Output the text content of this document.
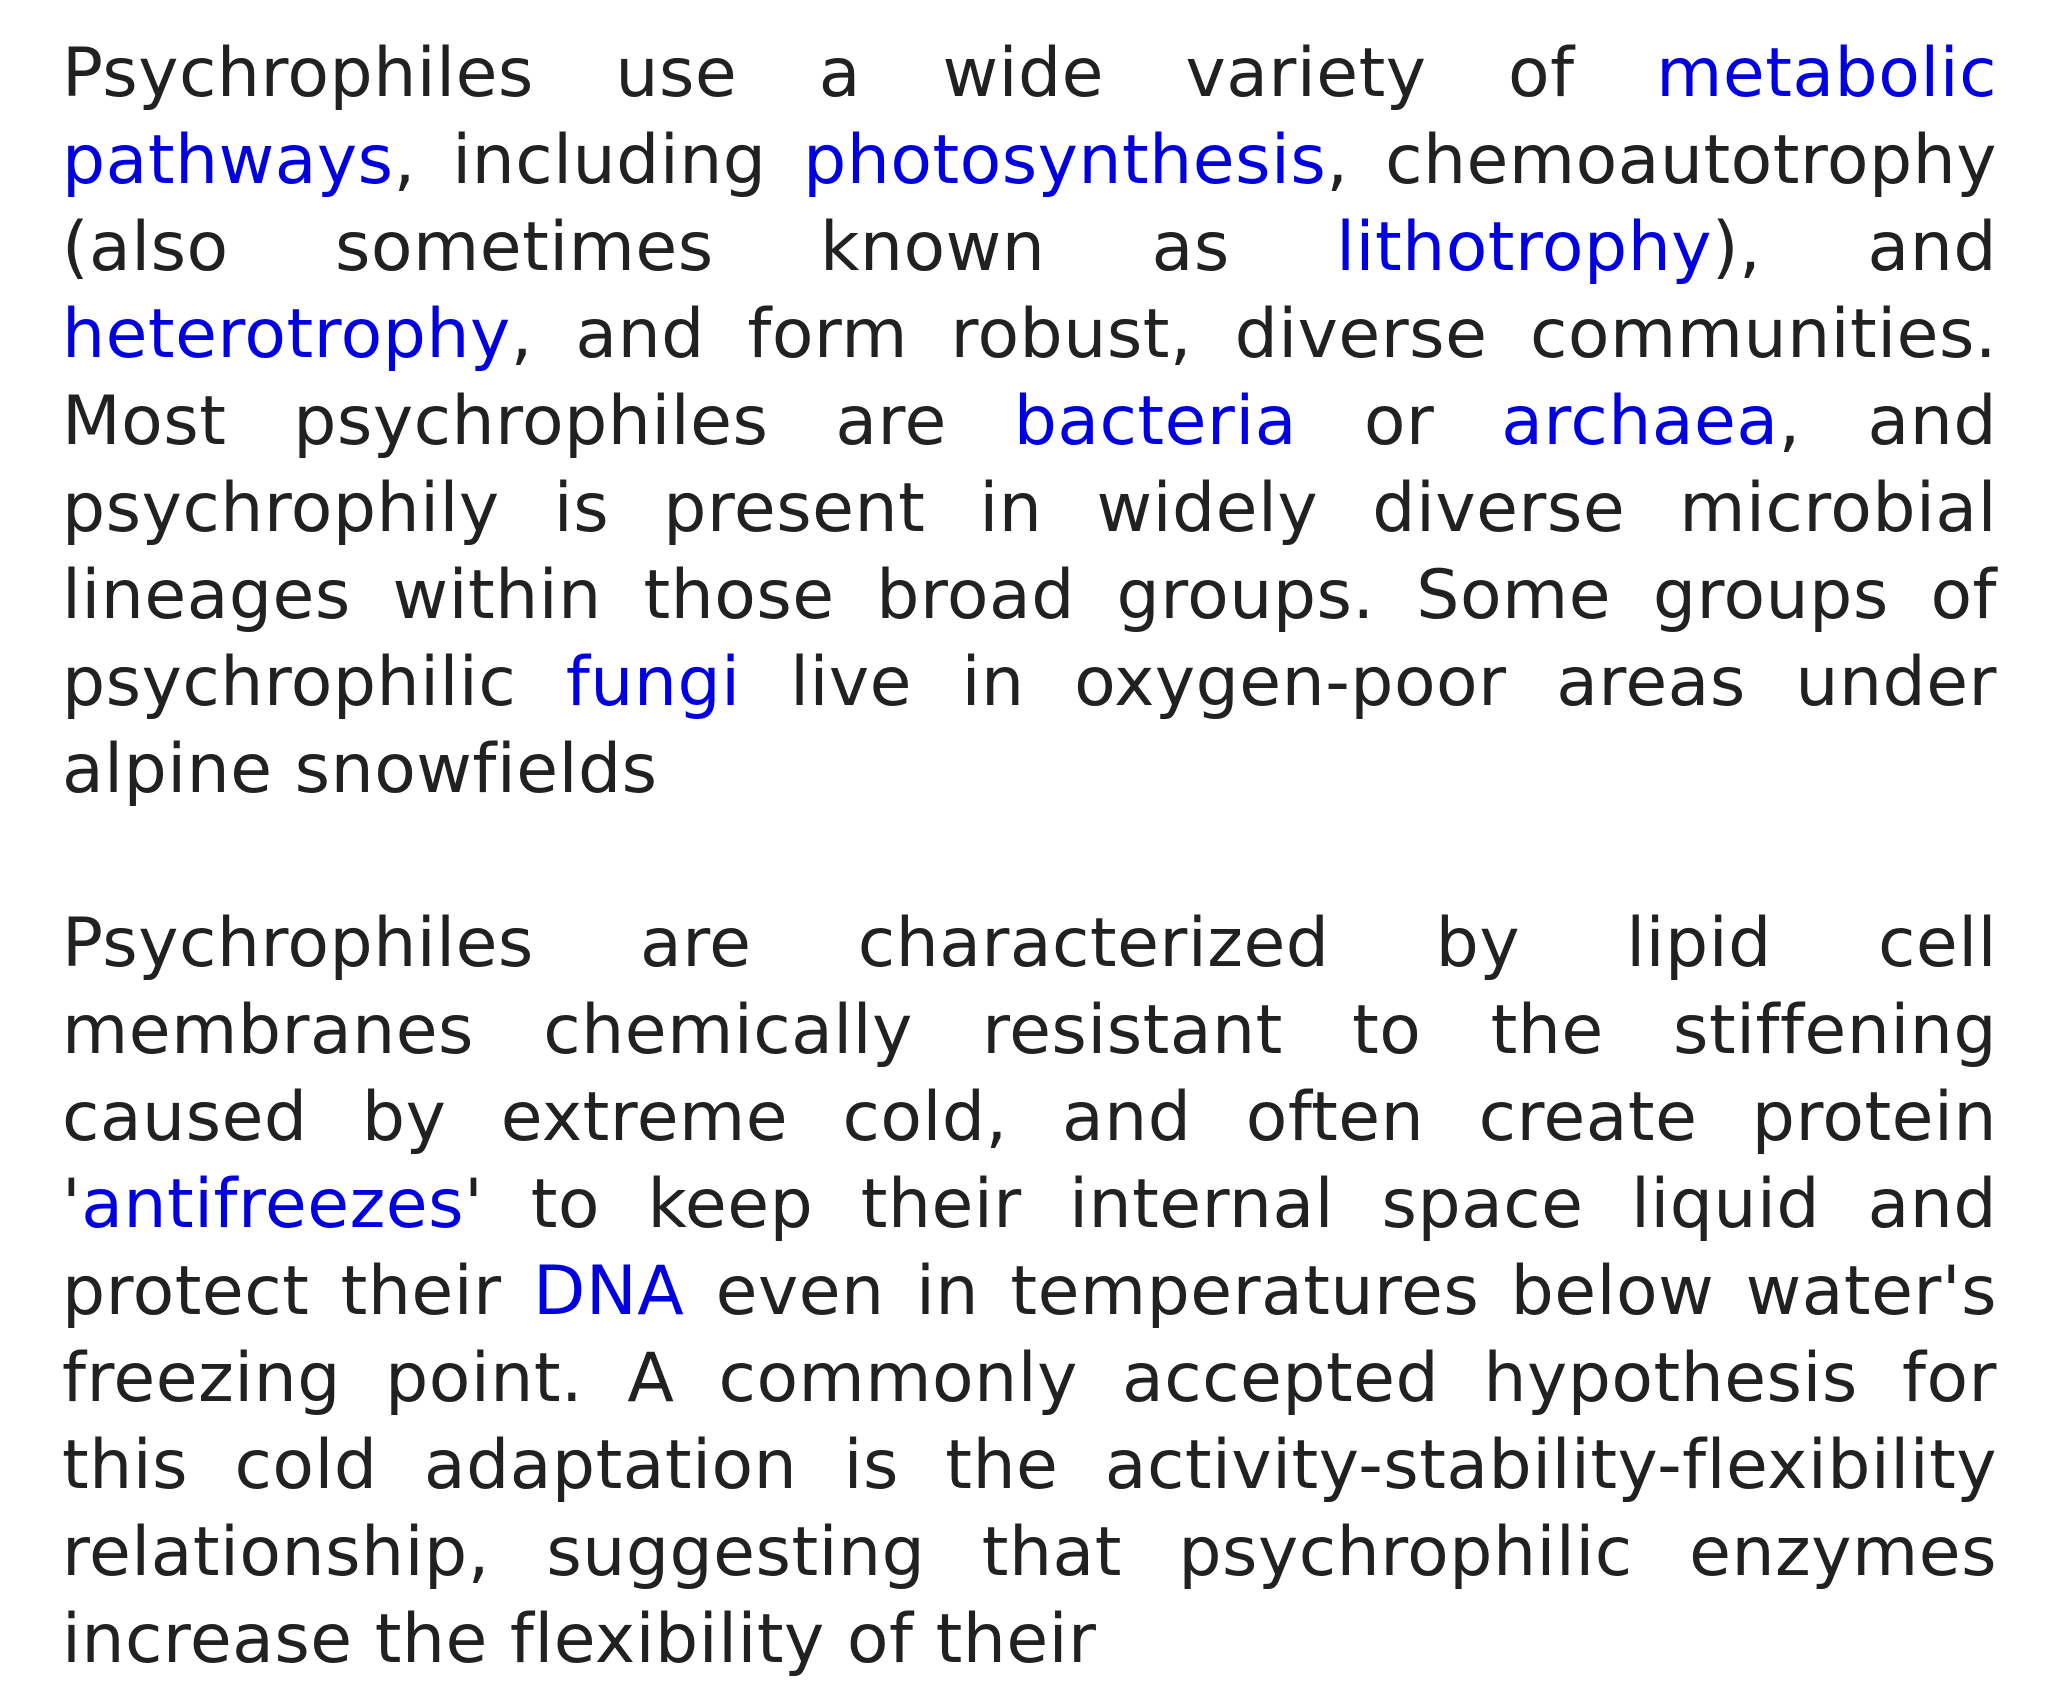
Psychrophiles use a wide variety of metabolic pathways, including photosynthesis, chemoautotrophy (also sometimes known as lithotrophy), and heterotrophy, and form robust, diverse communities. Most psychrophiles are bacteria or archaea, and psychrophily is present in widely diverse microbial lineages within those broad groups. Some groups of psychrophilic fungi live in oxygen-poor areas under alpine snowfields

Psychrophiles are characterized by lipid cell membranes chemically resistant to the stiffening caused by extreme cold, and often create protein 'antifreezes' to keep their internal space liquid and protect their DNA even in temperatures below water's freezing point. A commonly accepted hypothesis for this cold adaptation is the activity-stability-flexibility relationship, suggesting that psychrophilic enzymes increase the flexibility of their
